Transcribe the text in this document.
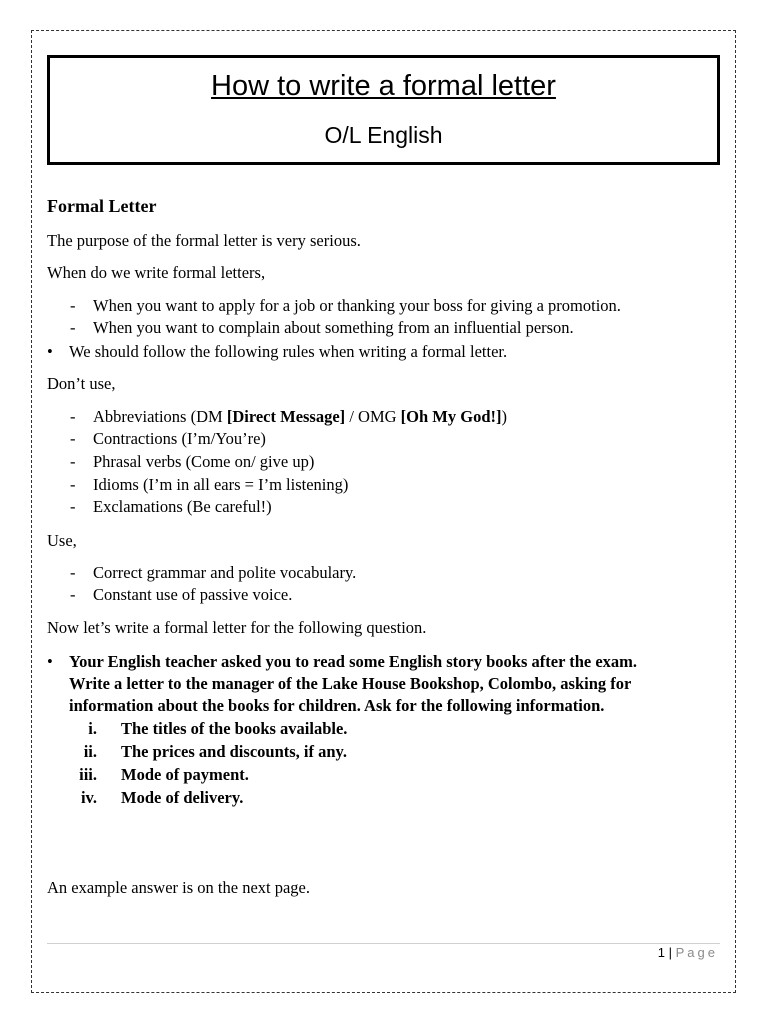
How to write a formal letter
O/L English
Formal Letter
The purpose of the formal letter is very serious.
When do we write formal letters,
- When you want to apply for a job or thanking your boss for giving a promotion.
- When you want to complain about something from an influential person.
• We should follow the following rules when writing a formal letter.
Don’t use,
- Abbreviations (DM [Direct Message] / OMG [Oh My God!])
- Contractions (I’m/You’re)
- Phrasal verbs (Come on/ give up)
- Idioms (I’m in all ears = I’m listening)
- Exclamations (Be careful!)
Use,
- Correct grammar and polite vocabulary.
- Constant use of passive voice.
Now let’s write a formal letter for the following question.
• Your English teacher asked you to read some English story books after the exam.
Write a letter to the manager of the Lake House Bookshop, Colombo, asking for
information about the books for children. Ask for the following information.
i. The titles of the books available.
ii. The prices and discounts, if any.
iii. Mode of payment.
iv. Mode of delivery.
An example answer is on the next page.
1 | Page
